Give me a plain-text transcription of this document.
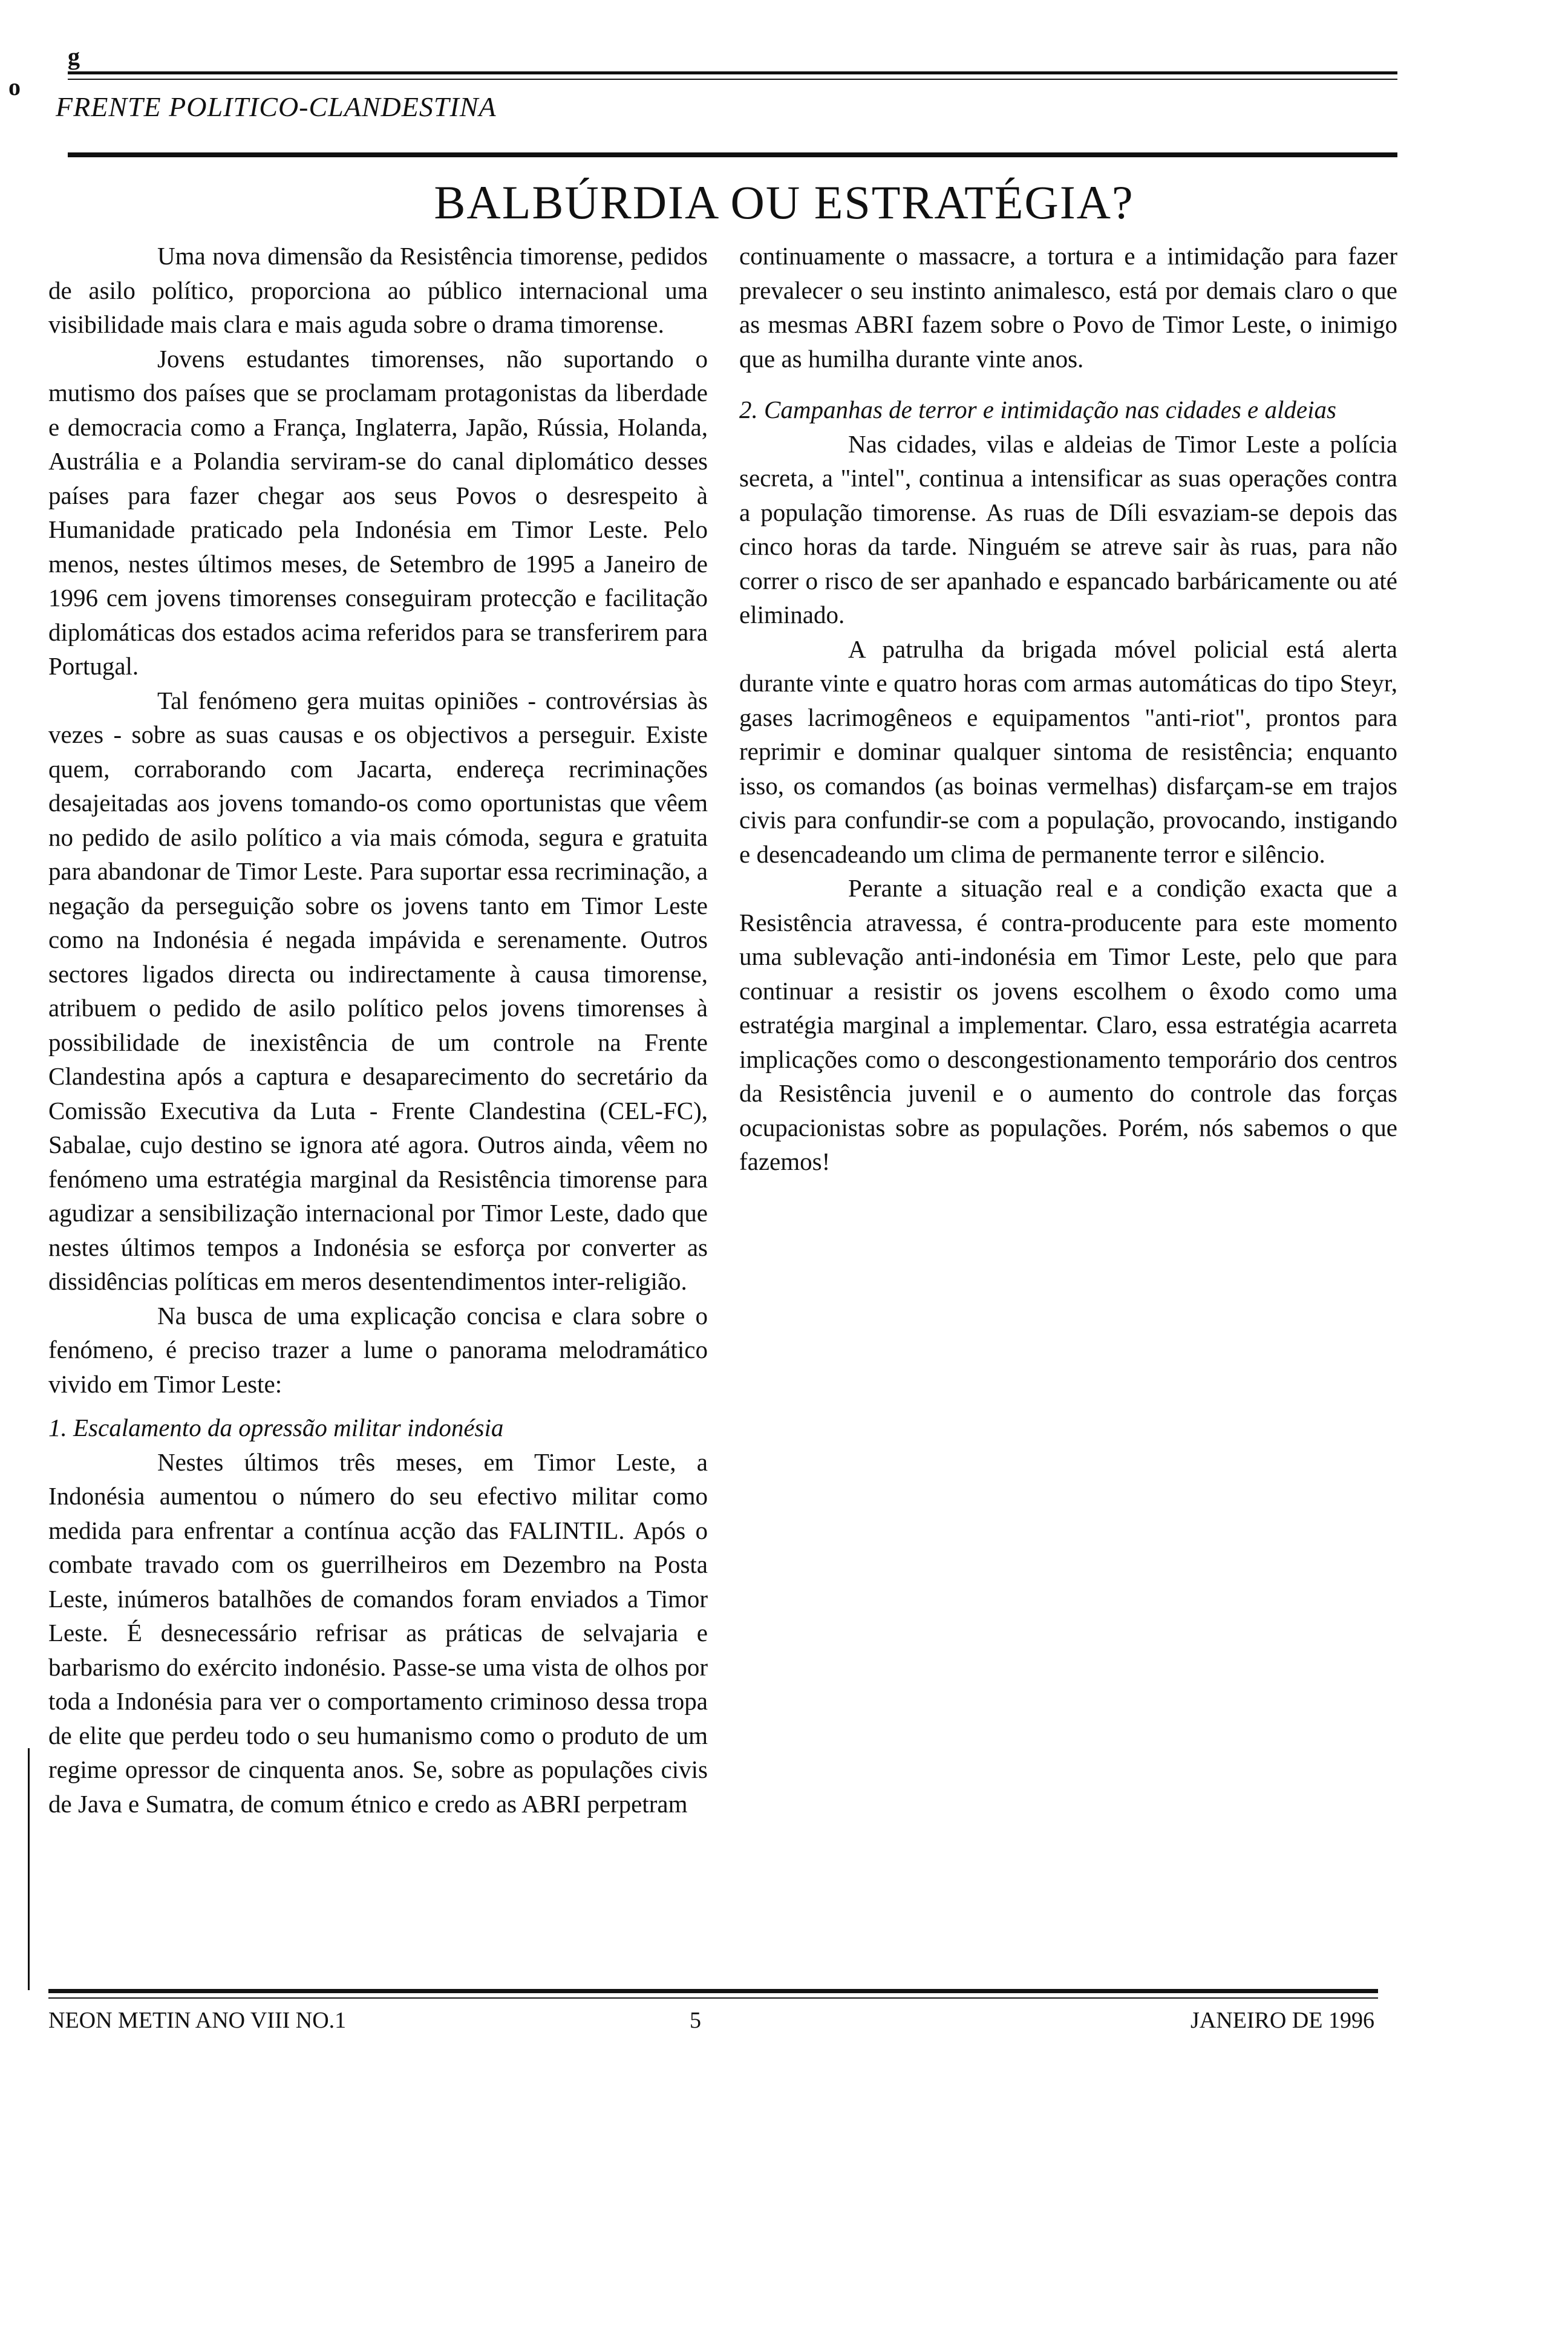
g
o
FRENTE POLITICO-CLANDESTINA
BALBÚRDIA OU ESTRATÉGIA?

Uma nova dimensão da Resistência timorense, pedidos de asilo político, proporciona ao público internacional uma visibilidade mais clara e mais aguda sobre o drama timorense.

Jovens estudantes timorenses, não suportando o mutismo dos países que se proclamam protagonistas da liberdade e democracia como a França, Inglaterra, Japão, Rússia, Holanda, Austrália e a Polandia serviram-se do canal diplomático desses países para fazer chegar aos seus Povos o desrespeito à Humanidade praticado pela Indonésia em Timor Leste. Pelo menos, nestes últimos meses, de Setembro de 1995 a Janeiro de 1996 cem jovens timorenses conseguiram protecção e facilitação diplomáticas dos estados acima referidos para se transferirem para Portugal.

Tal fenómeno gera muitas opiniões - controvérsias às vezes - sobre as suas causas e os objectivos a perseguir. Existe quem, corraborando com Jacarta, endereça recriminações desajeitadas aos jovens tomando-os como oportunistas que vêem no pedido de asilo político a via mais cómoda, segura e gratuita para abandonar de Timor Leste. Para suportar essa recriminação, a negação da perseguição sobre os jovens tanto em Timor Leste como na Indonésia é negada impávida e serenamente. Outros sectores ligados directa ou indirectamente à causa timorense, atribuem o pedido de asilo político pelos jovens timorenses à possibilidade de inexistência de um controle na Frente Clandestina após a captura e desaparecimento do secretário da Comissão Executiva da Luta - Frente Clandestina (CEL-FC), Sabalae, cujo destino se ignora até agora. Outros ainda, vêem no fenómeno uma estratégia marginal da Resistência timorense para agudizar a sensibilização internacional por Timor Leste, dado que nestes últimos tempos a Indonésia se esforça por converter as dissidências políticas em meros desentendimentos inter-religião.

Na busca de uma explicação concisa e clara sobre o fenómeno, é preciso trazer a lume o panorama melodramático vivido em Timor Leste:

1. Escalamento da opressão militar indonésia

Nestes últimos três meses, em Timor Leste, a Indonésia aumentou o número do seu efectivo militar como medida para enfrentar a contínua acção das FALINTIL. Após o combate travado com os guerrilheiros em Dezembro na Posta Leste, inúmeros batalhões de comandos foram enviados a Timor Leste. É desnecessário refrisar as práticas de selvajaria e barbarismo do exército indonésio. Passe-se uma vista de olhos por toda a Indonésia para ver o comportamento criminoso dessa tropa de elite que perdeu todo o seu humanismo como o produto de um regime opressor de cinquenta anos. Se, sobre as populações civis de Java e Sumatra, de comum étnico e credo as ABRI perpetram

continuamente o massacre, a tortura e a intimidação para fazer prevalecer o seu instinto animalesco, está por demais claro o que as mesmas ABRI fazem sobre o Povo de Timor Leste, o inimigo que as humilha durante vinte anos.

2. Campanhas de terror e intimidação nas cidades e aldeias

Nas cidades, vilas e aldeias de Timor Leste a polícia secreta, a "intel", continua a intensificar as suas operações contra a população timorense. As ruas de Díli esvaziam-se depois das cinco horas da tarde. Ninguém se atreve sair às ruas, para não correr o risco de ser apanhado e espancado barbáricamente ou até eliminado.

A patrulha da brigada móvel policial está alerta durante vinte e quatro horas com armas automáticas do tipo Steyr, gases lacrimogêneos e equipamentos "anti-riot", prontos para reprimir e dominar qualquer sintoma de resistência; enquanto isso, os comandos (as boinas vermelhas) disfarçam-se em trajos civis para confundir-se com a população, provocando, instigando e desencadeando um clima de permanente terror e silêncio.

Perante a situação real e a condição exacta que a Resistência atravessa, é contra-producente para este momento uma sublevação anti-indonésia em Timor Leste, pelo que para continuar a resistir os jovens escolhem o êxodo como uma estratégia marginal a implementar. Claro, essa estratégia acarreta implicações como o descongestionamento temporário dos centros da Resistência juvenil e o aumento do controle das forças ocupacionistas sobre as populações. Porém, nós sabemos o que fazemos!

NEON METIN ANO VIII NO.1	5	JANEIRO DE 1996
